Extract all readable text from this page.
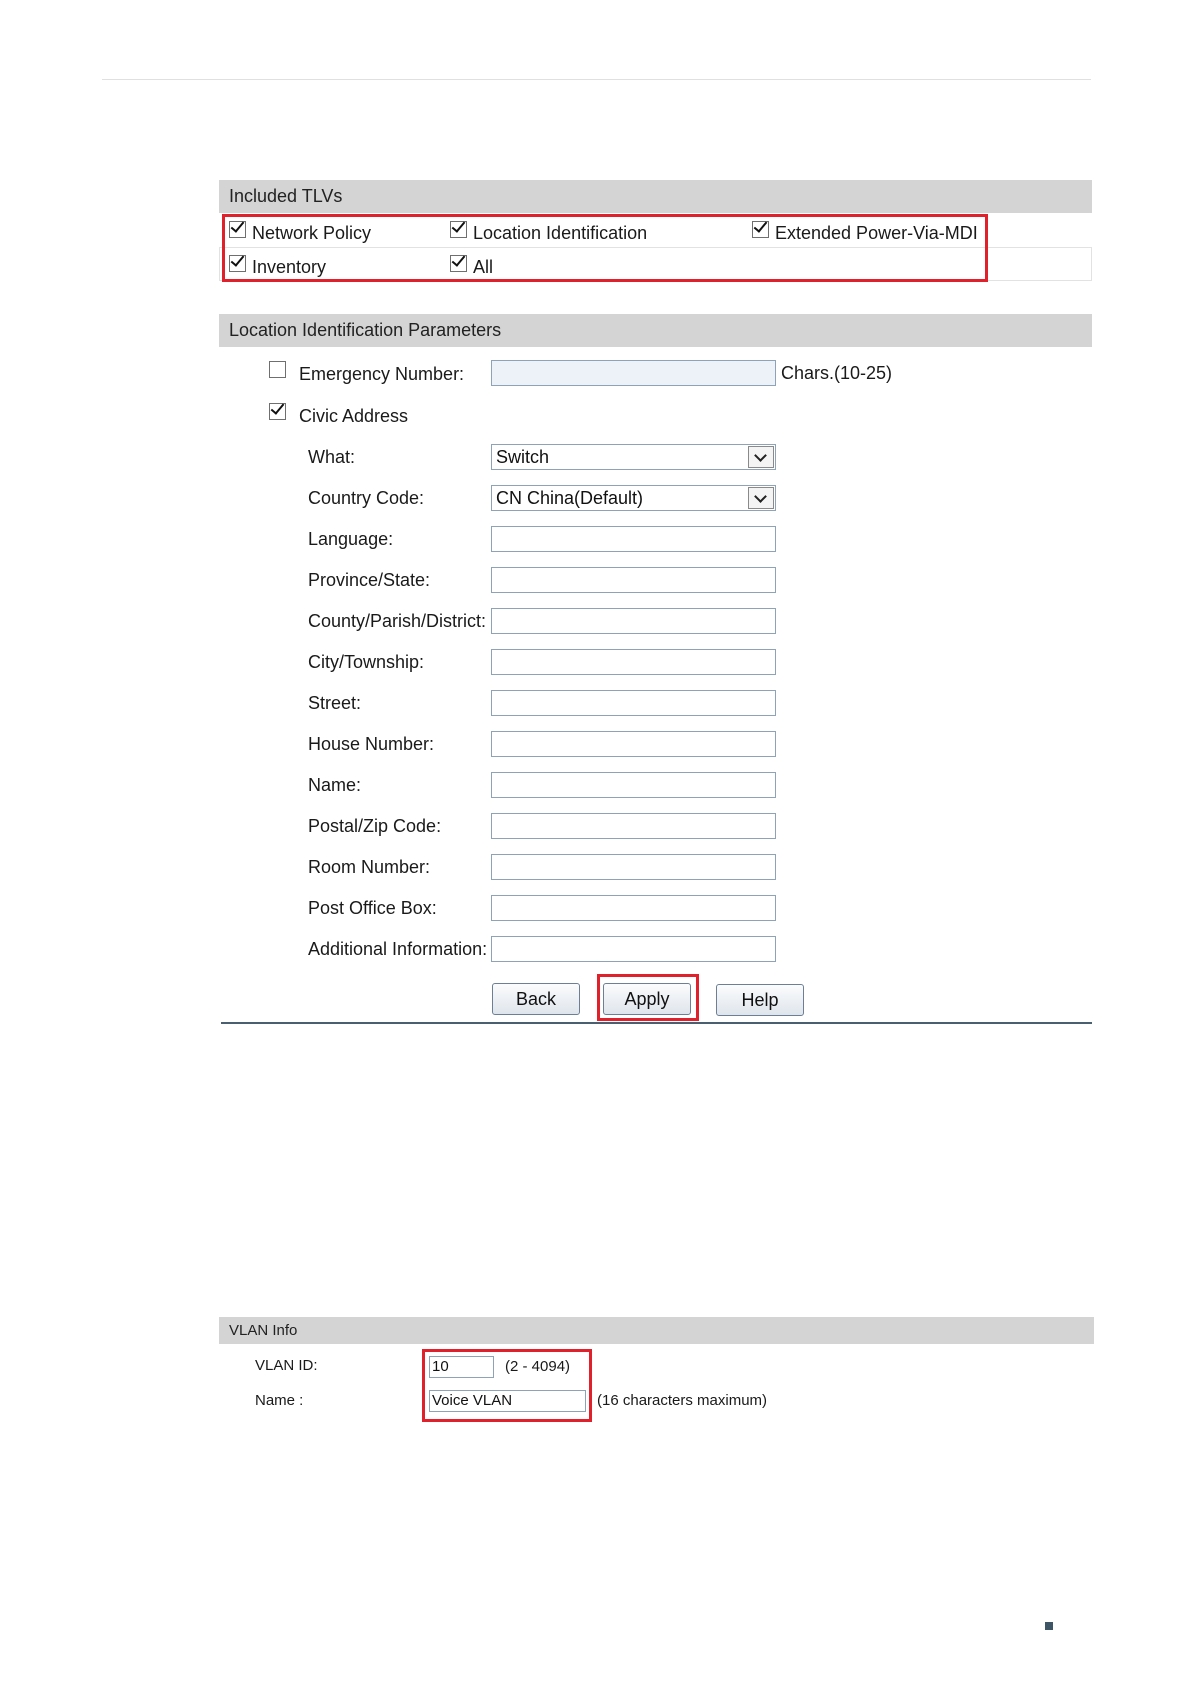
Included TLVs
Network Policy	Location Identification	Extended Power-Via-MDI
Inventory	All
Location Identification Parameters
Emergency Number:	Chars.(10-25)
Civic Address
What:	Switch
Country Code:	CN China(Default)
Language:
Province/State:
County/Parish/District:
City/Township:
Street:
House Number:
Name:
Postal/Zip Code:
Room Number:
Post Office Box:
Additional Information:
Back	Apply	Help
VLAN Info
VLAN ID:	10	(2 - 4094)
Name :	Voice VLAN	(16 characters maximum)
